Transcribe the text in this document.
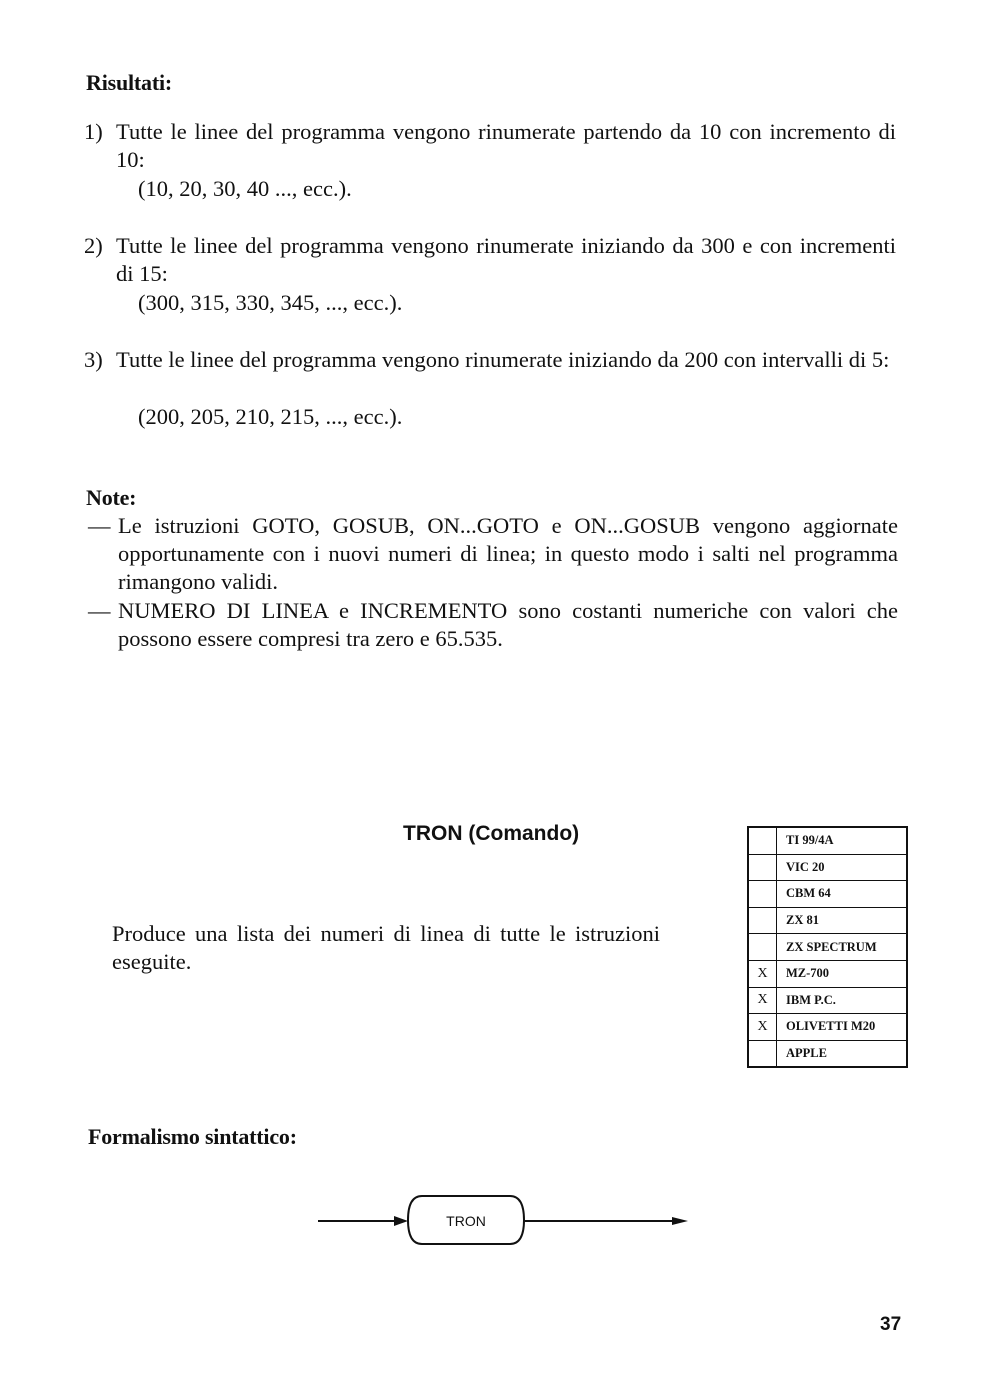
Risultati:
1) Tutte le linee del programma vengono rinumerate partendo da 10 con incremento di 10:
(10, 20, 30, 40 ..., ecc.).
2) Tutte le linee del programma vengono rinumerate iniziando da 300 e con incrementi di 15:
(300, 315, 330, 345, ..., ecc.).
3) Tutte le linee del programma vengono rinumerate iniziando da 200 con intervalli di 5:
(200, 205, 210, 215, ..., ecc.).
Note:
— Le istruzioni GOTO, GOSUB, ON...GOTO e ON...GOSUB vengono aggiornate opportunamente con i nuovi numeri di linea; in questo modo i salti nel programma rimangono validi.
— NUMERO DI LINEA e INCREMENTO sono costanti numeriche con valori che possono essere compresi tra zero e 65.535.
TRON (Comando)
Produce una lista dei numeri di linea di tutte le istruzioni eseguite.
	TI 99/4A
	VIC 20
	CBM 64
	ZX 81
	ZX SPECTRUM
X	MZ-700
X	IBM P.C.
X	OLIVETTI M20
	APPLE
Formalismo sintattico:
TRON
37
